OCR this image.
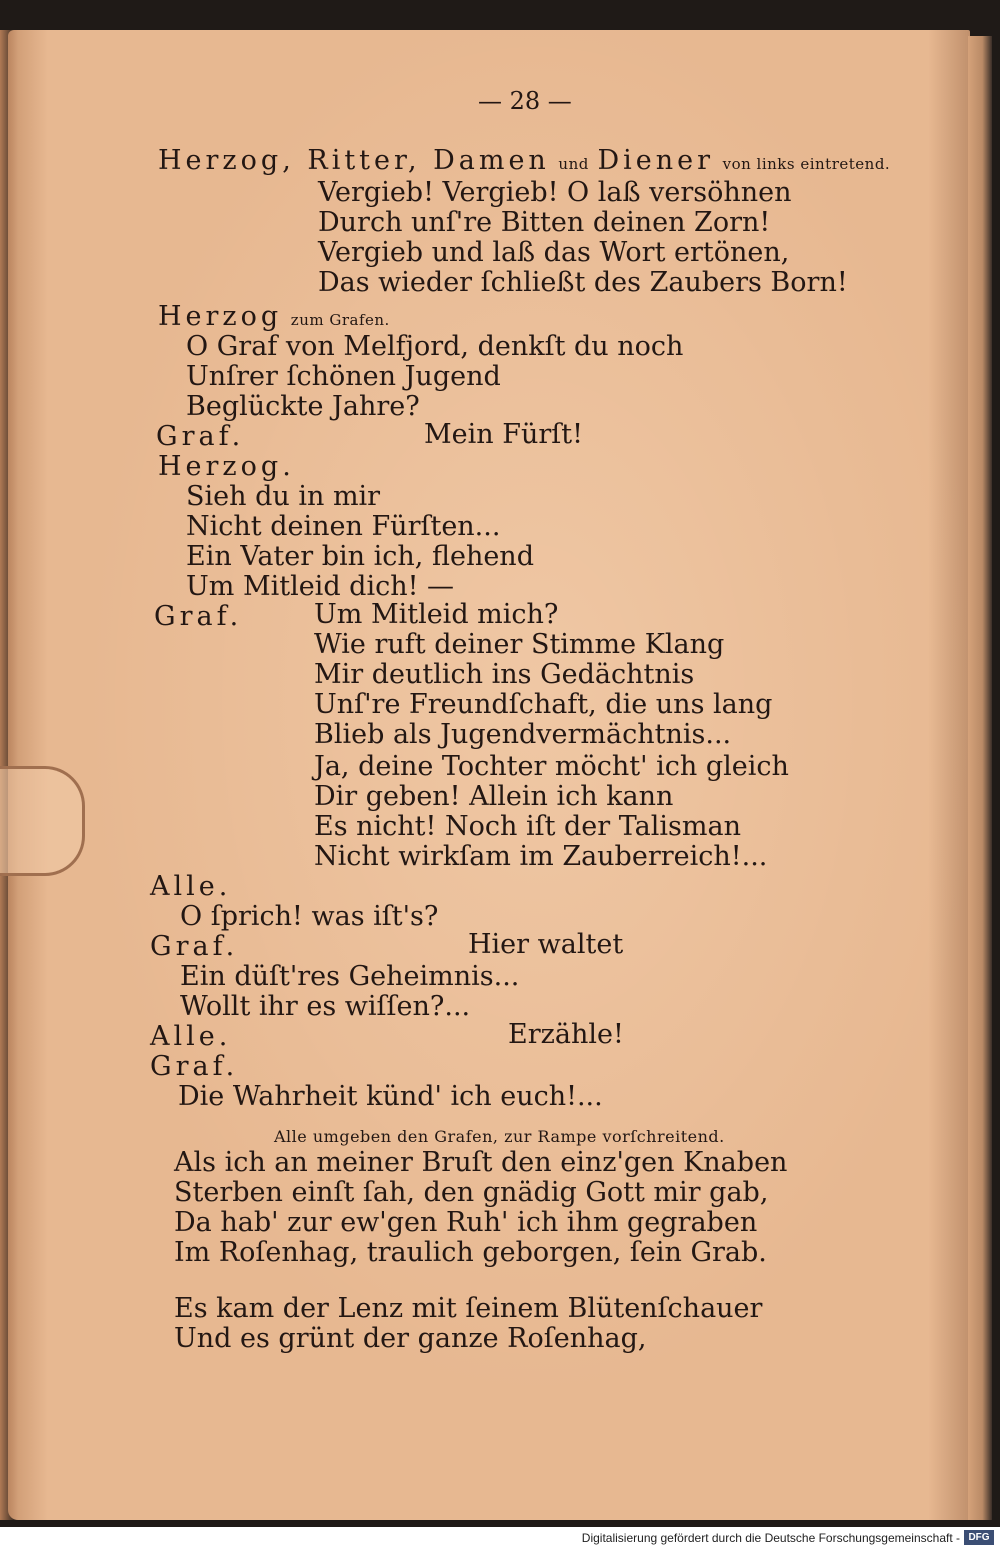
— 28 —
Herzog, Ritter, Damen und Diener von links eintretend.
Vergieb! Vergieb! O laß versöhnen
Durch unſ're Bitten deinen Zorn!
Vergieb und laß das Wort ertönen,
Das wieder ſchließt des Zaubers Born!
Herzog zum Grafen.
O Graf von Melfjord, denkſt du noch
Unſrer ſchönen Jugend
Beglückte Jahre?
Graf.	Mein Fürſt!
Herzog.
Sieh du in mir
Nicht deinen Fürſten...
Ein Vater bin ich, flehend
Um Mitleid dich! —
Graf.	Um Mitleid mich?
Wie ruft deiner Stimme Klang
Mir deutlich ins Gedächtnis
Unſ're Freundſchaft, die uns lang
Blieb als Jugendvermächtnis...
Ja, deine Tochter möcht' ich gleich
Dir geben! Allein ich kann
Es nicht! Noch iſt der Talisman
Nicht wirkſam im Zauberreich!...
Alle.
O ſprich! was iſt's?
Graf.	Hier waltet
Ein düſt'res Geheimnis...
Wollt ihr es wiſſen?...
Alle.	Erzähle!
Graf.
Die Wahrheit künd' ich euch!...
Alle umgeben den Grafen, zur Rampe vorſchreitend.
Als ich an meiner Bruſt den einz'gen Knaben
Sterben einſt ſah, den gnädig Gott mir gab,
Da hab' zur ew'gen Ruh' ich ihm gegraben
Im Roſenhag, traulich geborgen, ſein Grab.
Es kam der Lenz mit ſeinem Blütenſchauer
Und es grünt der ganze Roſenhag,
Digitalisierung gefördert durch die Deutsche Forschungsgemeinschaft - DFG
